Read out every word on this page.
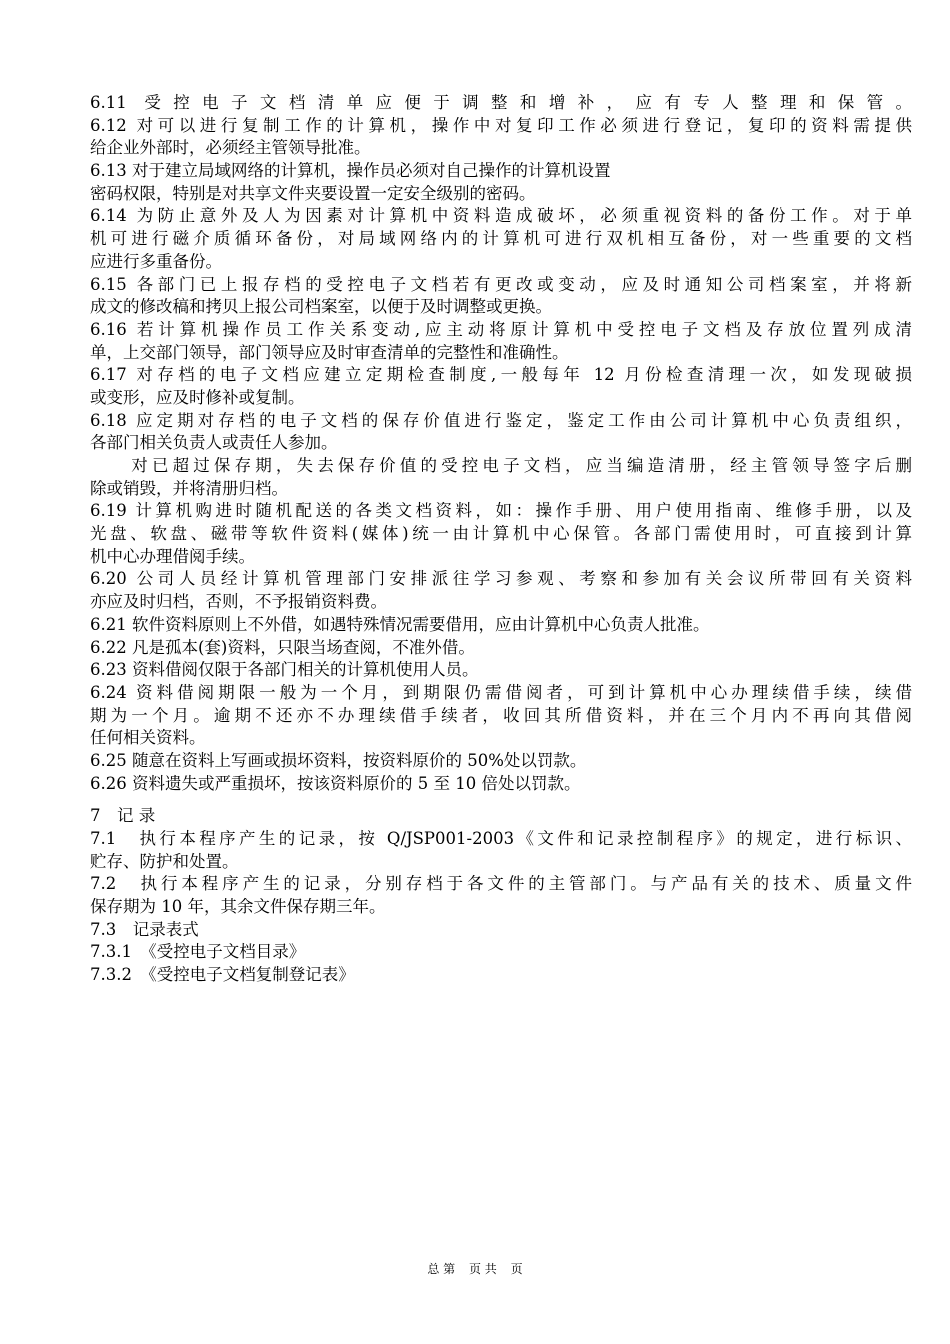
6.11 受控电子文档清单应便于调整和增补，应有专人整理和保管。
6.12 对可以进行复制工作的计算机，操作中对复印工作必须进行登记，复印的资料需提供
给企业外部时，必须经主管领导批准。
6.13 对于建立局域网络的计算机，操作员必须对自己操作的计算机设置
密码权限，特别是对共享文件夹要设置一定安全级别的密码。
6.14 为防止意外及人为因素对计算机中资料造成破坏，必须重视资料的备份工作。对于单
机可进行磁介质循环备份，对局域网络内的计算机可进行双机相互备份，对一些重要的文档
应进行多重备份。
6.15 各部门已上报存档的受控电子文档若有更改或变动，应及时通知公司档案室，并将新
成文的修改稿和拷贝上报公司档案室，以便于及时调整或更换。
6.16 若计算机操作员工作关系变动,应主动将原计算机中受控电子文档及存放位置列成清
单，上交部门领导，部门领导应及时审查清单的完整性和准确性。
6.17 对存档的电子文档应建立定期检查制度,一般每年 12 月份检查清理一次，如发现破损
或变形，应及时修补或复制。
6.18 应定期对存档的电子文档的保存价值进行鉴定，鉴定工作由公司计算机中心负责组织，
各部门相关负责人或责任人参加。
　　对已超过保存期，失去保存价值的受控电子文档，应当编造清册，经主管领导签字后删
除或销毁，并将清册归档。
6.19 计算机购进时随机配送的各类文档资料，如：操作手册、用户使用指南、维修手册，以及
光盘、软盘、磁带等软件资料(媒体)统一由计算机中心保管。各部门需使用时，可直接到计算
机中心办理借阅手续。
6.20 公司人员经计算机管理部门安排派往学习参观、考察和参加有关会议所带回有关资料
亦应及时归档，否则，不予报销资料费。
6.21 软件资料原则上不外借，如遇特殊情况需要借用，应由计算机中心负责人批准。
6.22 凡是孤本(套)资料，只限当场查阅，不准外借。
6.23 资料借阅仅限于各部门相关的计算机使用人员。
6.24 资料借阅期限一般为一个月，到期限仍需借阅者，可到计算机中心办理续借手续，续借
期为一个月。逾期不还亦不办理续借手续者，收回其所借资料，并在三个月内不再向其借阅
任何相关资料。
6.25 随意在资料上写画或损坏资料，按资料原价的 50%处以罚款。
6.26 资料遗失或严重损坏，按该资料原价的 5 至 10 倍处以罚款。
7　记 录
7.1　执行本程序产生的记录，按 Q/JSP001-2003《文件和记录控制程序》的规定，进行标识、
贮存、防护和处置。
7.2　执行本程序产生的记录，分别存档于各文件的主管部门。与产品有关的技术、质量文件
保存期为 10 年，其余文件保存期三年。
7.3　记录表式
7.3.1　《受控电子文档目录》
7.3.2　《受控电子文档复制登记表》
总 第 页 共 页
